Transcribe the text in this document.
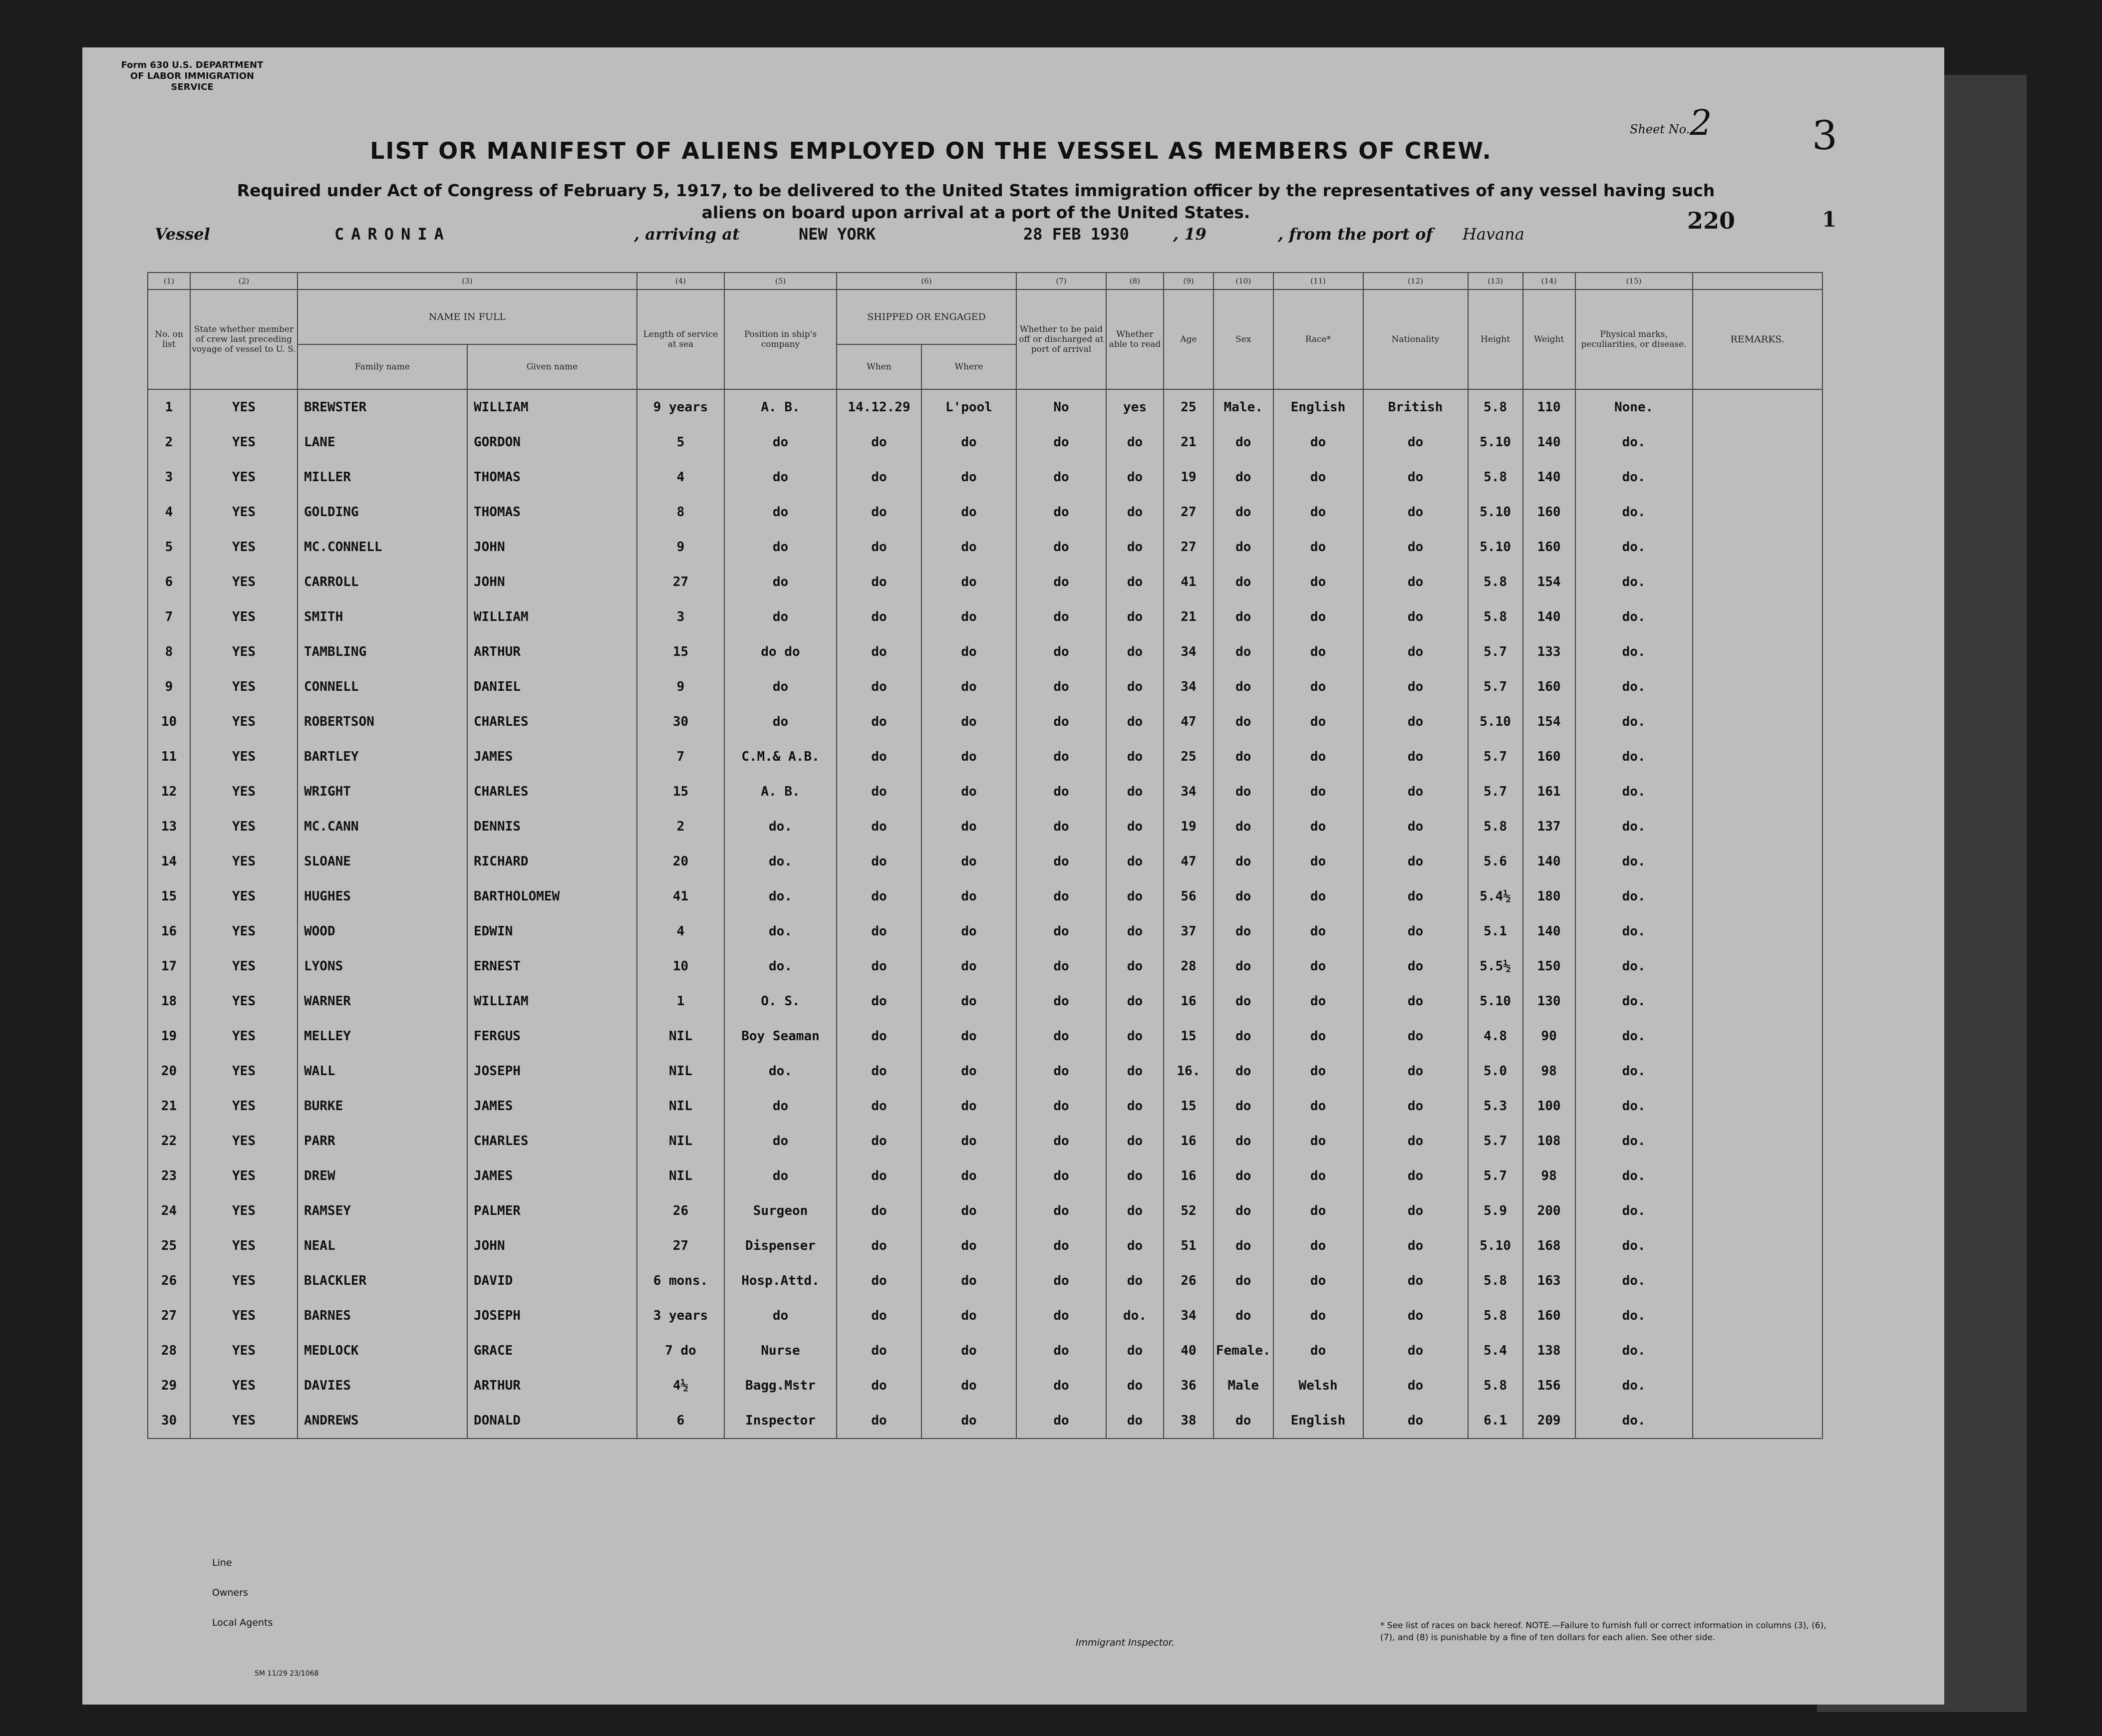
Form 630 U.S. DEPARTMENT OF LABOR IMMIGRATION SERVICE
Sheet No. 2	3
1
220
LIST OR MANIFEST OF ALIENS EMPLOYED ON THE VESSEL AS MEMBERS OF CREW.
Required under Act of Congress of February 5, 1917, to be delivered to the United States immigration officer by the representatives of any vessel having such aliens on board upon arrival at a port of the United States.
Vessel	CARONIA	, arriving at	NEW YORK	28 FEB 1930	, 19	, from the port of Havana
(1)	(2)	(3)		(4)	(5)	(6)		(7)	(8)	(9)	(10)	(11)	(12)	(13)	(14)	(15)	
No. on list	State whether member of crew last preceding voyage of vessel to U. S.	NAME IN FULL		Length of service at sea	Position in ship's company	SHIPPED OR ENGAGED		Whether to be paid off or discharged at port of arrival	Whether able to read	Age	Sex	Race*	Nationality	Height	Weight	Physical marks, peculiarities, or disease.	REMARKS.
		Family name	Given name			When	Where										
1	YES	BREWSTER	WILLIAM	9 years	A. B.	14.12.29	L'pool	No	yes	25	Male.	English	British	5.8	110	None.	
2	YES	LANE	GORDON	5	do	do	do	do	do	21	do	do	do	5.10	140	do.	
3	YES	MILLER	THOMAS	4	do	do	do	do	do	19	do	do	do	5.8	140	do.	
4	YES	GOLDING	THOMAS	8	do	do	do	do	do	27	do	do	do	5.10	160	do.	
5	YES	MC.CONNELL	JOHN	9	do	do	do	do	do	27	do	do	do	5.10	160	do.	
6	YES	CARROLL	JOHN	27	do	do	do	do	do	41	do	do	do	5.8	154	do.	
7	YES	SMITH	WILLIAM	3	do	do	do	do	do	21	do	do	do	5.8	140	do.	
8	YES	TAMBLING	ARTHUR	15	do do	do	do	do	do	34	do	do	do	5.7	133	do.	
9	YES	CONNELL	DANIEL	9	do	do	do	do	do	34	do	do	do	5.7	160	do.	
10	YES	ROBERTSON	CHARLES	30	do	do	do	do	do	47	do	do	do	5.10	154	do.	
11	YES	BARTLEY	JAMES	7	C.M.& A.B.	do	do	do	do	25	do	do	do	5.7	160	do.	
12	YES	WRIGHT	CHARLES	15	A. B.	do	do	do	do	34	do	do	do	5.7	161	do.	
13	YES	MC.CANN	DENNIS	2	do.	do	do	do	do	19	do	do	do	5.8	137	do.	
14	YES	SLOANE	RICHARD	20	do.	do	do	do	do	47	do	do	do	5.6	140	do.	
15	YES	HUGHES	BARTHOLOMEW	41	do.	do	do	do	do	56	do	do	do	5.4½	180	do.	
16	YES	WOOD	EDWIN	4	do.	do	do	do	do	37	do	do	do	5.1	140	do.	
17	YES	LYONS	ERNEST	10	do.	do	do	do	do	28	do	do	do	5.5½	150	do.	
18	YES	WARNER	WILLIAM	1	O. S.	do	do	do	do	16	do	do	do	5.10	130	do.	
19	YES	MELLEY	FERGUS	NIL	Boy Seaman	do	do	do	do	15	do	do	do	4.8	90	do.	
20	YES	WALL	JOSEPH	NIL	do.	do	do	do	do	16.	do	do	do	5.0	98	do.	
21	YES	BURKE	JAMES	NIL	do	do	do	do	do	15	do	do	do	5.3	100	do.	
22	YES	PARR	CHARLES	NIL	do	do	do	do	do	16	do	do	do	5.7	108	do.	
23	YES	DREW	JAMES	NIL	do	do	do	do	do	16	do	do	do	5.7	98	do.	
24	YES	RAMSEY	PALMER	26	Surgeon	do	do	do	do	52	do	do	do	5.9	200	do.	
25	YES	NEAL	JOHN	27	Dispenser	do	do	do	do	51	do	do	do	5.10	168	do.	
26	YES	BLACKLER	DAVID	6 mons.	Hosp.Attd.	do	do	do	do	26	do	do	do	5.8	163	do.	
27	YES	BARNES	JOSEPH	3 years	do	do	do	do	do.	34	do	do	do	5.8	160	do.	
28	YES	MEDLOCK	GRACE	7 do	Nurse	do	do	do	do	40	Female.	do	do	5.4	138	do.	
29	YES	DAVIES	ARTHUR	4½	Bagg.Mstr	do	do	do	do	36	Male	Welsh	do	5.8	156	do.	
30	YES	ANDREWS	DONALD	6	Inspector	do	do	do	do	38	do	English	do	6.1	209	do.	
Line
Owners
Local Agents
Immigrant Inspector.
* See list of races on back hereof. NOTE.—Failure to furnish full or correct information in columns (3), (6), (7), and (8) is punishable by a fine of ten dollars for each alien. See other side.
5M 11/29 23/1068
